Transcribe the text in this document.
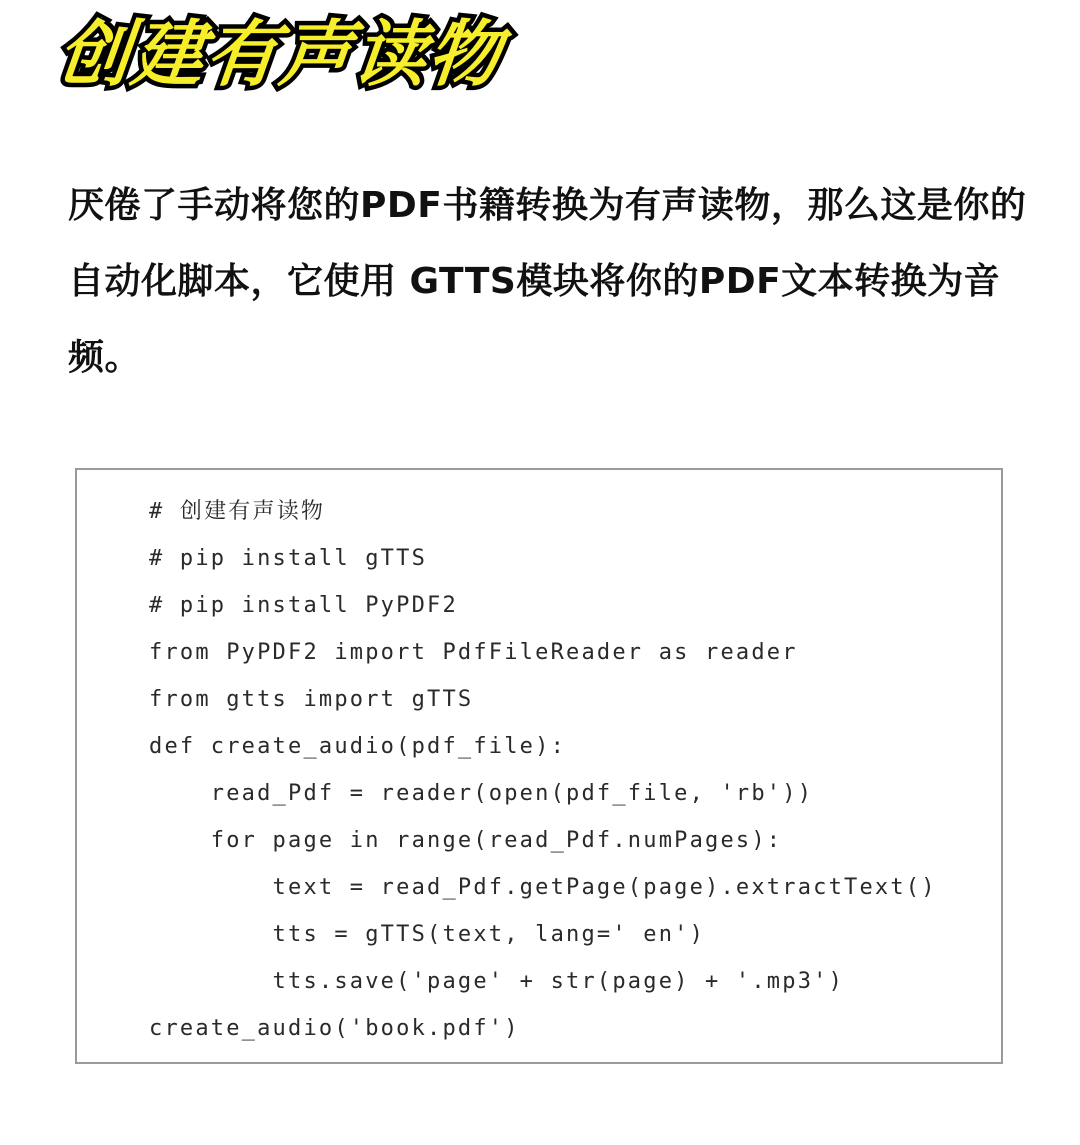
创建有声读物

厌倦了手动将您的PDF书籍转换为有声读物，那么这是你的自动化脚本，它使用 GTTS模块将你的PDF文本转换为音频。

# 创建有声读物
# pip install gTTS
# pip install PyPDF2
from PyPDF2 import PdfFileReader as reader
from gtts import gTTS
def create_audio(pdf_file):
read_Pdf = reader(open(pdf_file, 'rb'))
for page in range(read_Pdf.numPages):
text = read_Pdf.getPage(page).extractText()
tts = gTTS(text, lang=' en')
tts.save('page' + str(page) + '.mp3')
create_audio('book.pdf')
